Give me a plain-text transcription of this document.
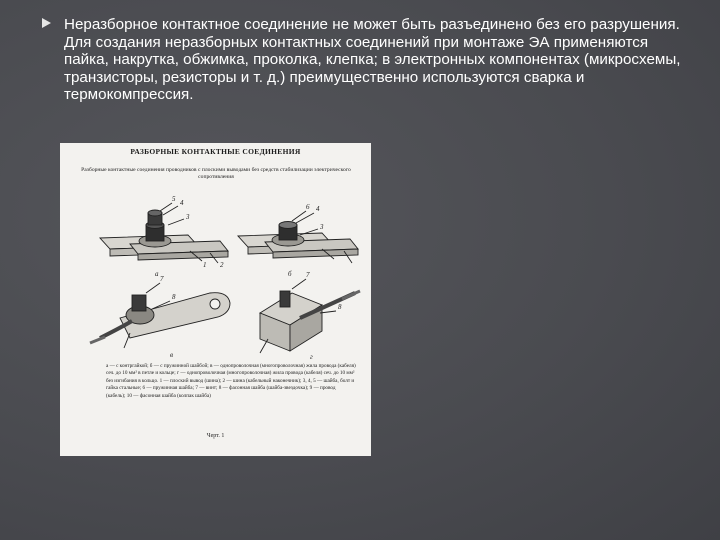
Неразборное контактное соединение не может быть разъединено без его разрушения. Для создания неразборных контактных соединений при монтаже ЭА применяются пайка, накрутка, обжимка, проколка, клепка; в электронных компонентах (микросхемы, транзисторы, резисторы и т. д.) преимущественно используются сварка и термокомпрессия.
РАЗБОРНЫЕ КОНТАКТНЫЕ СОЕДИНЕНИЯ
Разборные контактные соединения проводников с плоскими выводами без средств стабилизации электрического сопротивления
а	б
в	г
5 4
3
1 2
6 4
3
7
8
7
8
а — с контргайкой; б — с пружинной шайбой; в — однопроволочная (многопроволочная) жила провода (кабеля) сеч. до 10 мм² в петле и кольце; г — однопроволочная (многопроволочная) жила провода (кабеля) сеч. до 10 мм² без изгибания в кольцо. 1 — плоский вывод (шина); 2 — шина (кабельный наконечник); 3, 4, 5 — шайба, болт и гайка стальные; 6 — пружинная шайба; 7 — винт; 8 — фасонная шайба (шайба-звездочка); 9 — провод (кабель); 10 — фасонная шайба (колпак шайба)
Черт. 1
